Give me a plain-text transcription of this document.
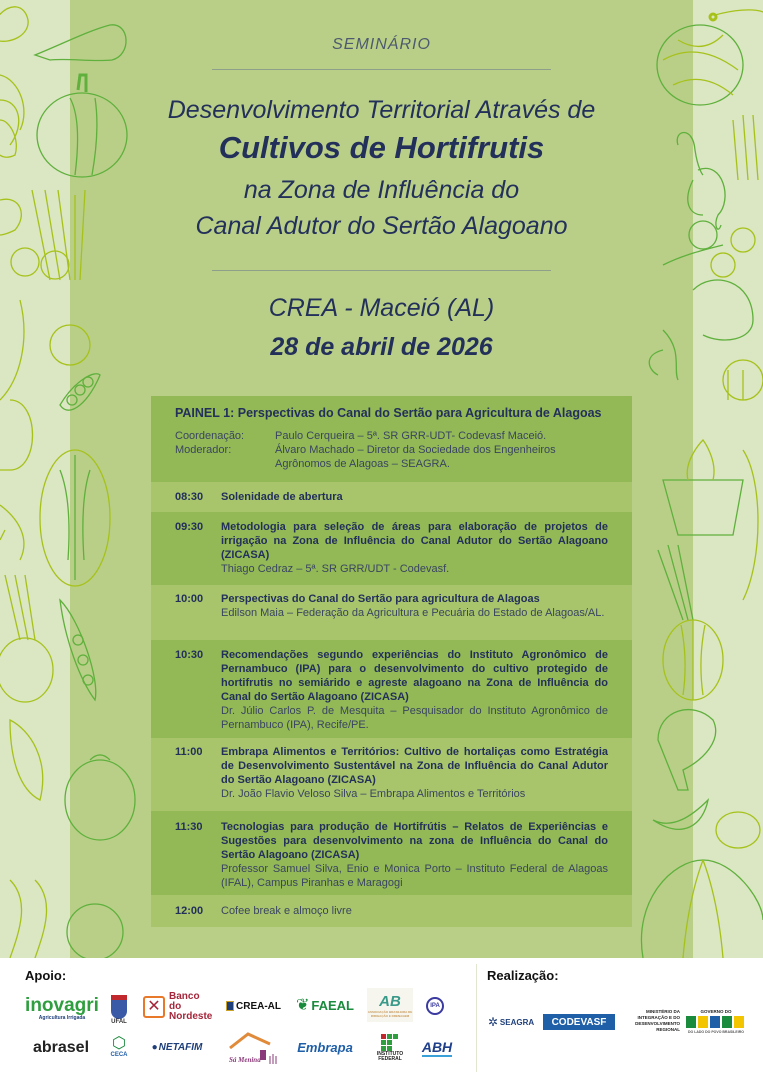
SEMINÁRIO
Desenvolvimento Territorial Através de
Cultivos de Hortifrutis
na Zona de Influência do
Canal Adutor do Sertão Alagoano
CREA - Maceió (AL)
28 de abril de 2026
PAINEL 1: Perspectivas do Canal do Sertão para Agricultura de Alagoas
Coordenação:	Paulo Cerqueira – 5ª. SR GRR-UDT- Codevasf Maceió.
Moderador:	Álvaro Machado – Diretor da Sociedade dos Engenheiros Agrônomos de Alagoas – SEAGRA.
08:30	Solenidade de abertura
09:30	Metodologia para seleção de áreas para elaboração de projetos de irrigação na Zona de Influência do Canal Adutor do Sertão Alagoano (ZICASA)
Thiago Cedraz – 5ª. SR GRR/UDT - Codevasf.
10:00	Perspectivas do Canal do Sertão para agricultura de Alagoas
Edilson Maia – Federação da Agricultura e Pecuária do Estado de Alagoas/AL.
10:30	Recomendações segundo experiências do Instituto Agronômico de Pernambuco (IPA) para o desenvolvimento do cultivo protegido de hortifrutis no semiárido e agreste alagoano na Zona de Influência do Canal do Sertão Alagoano (ZICASA)
Dr. Júlio Carlos P. de Mesquita – Pesquisador do Instituto Agronômico de Pernambuco (IPA), Recife/PE.
11:00	Embrapa Alimentos e Territórios: Cultivo de hortaliças como Estratégia de Desenvolvimento Sustentável na Zona de Influência do Canal Adutor do Sertão Alagoano (ZICASA)
Dr. João Flavio Veloso Silva – Embrapa Alimentos e Territórios
11:30	Tecnologias para produção de Hortifrútis – Relatos de Experiências e Sugestões para desenvolvimento na zona de Influência do Canal do Sertão Alagoano (ZICASA)
Professor Samuel Silva, Enio e Monica Porto – Instituto Federal de Alagoas (IFAL), Campus Piranhas e Maragogi
12:00	Cofee break e almoço livre
Apoio:	Realização:
inovagri
Agricultura Irrigada
UFAL
✕
Banco do Nordeste
CREA-AL ❦ FAEAL AB
ASSOCIAÇÃO BRASILEIRA DE IRRIGAÇÃO E DRENAGEM
IPA
abrasel ⬡
CECA
● NETAFIM
Sá Menina
Embrapa	INSTITUTO FEDERAL
ABH
✲ SEAGRA CODEVASF
MINISTÉRIO DA INTEGRAÇÃO E DO DESENVOLVIMENTO REGIONAL
GOVERNO DO
DO LADO DO POVO BRASILEIRO
